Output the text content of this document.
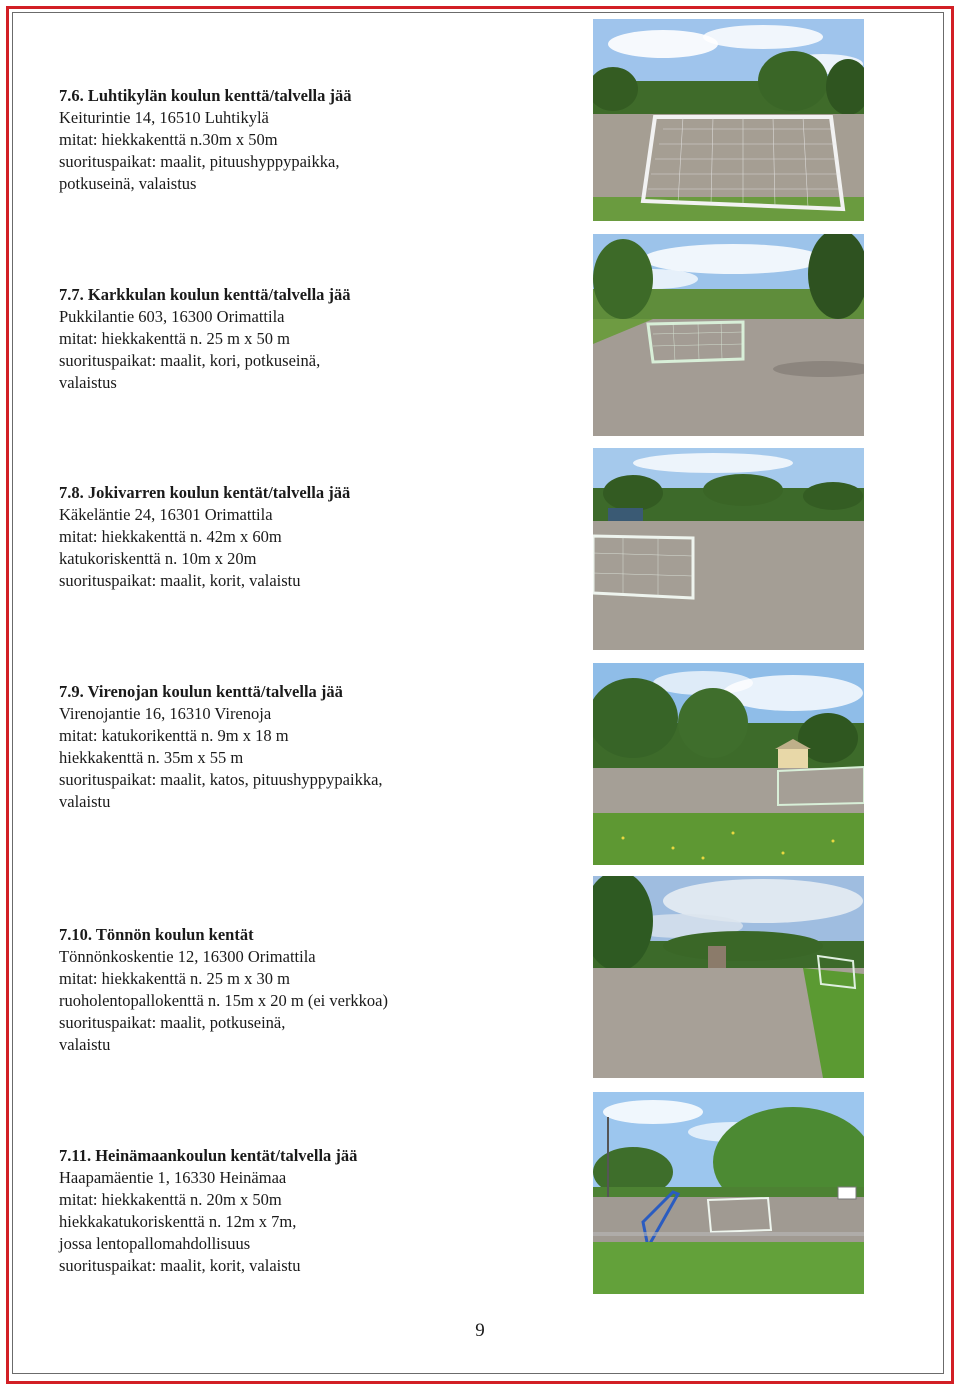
7.6. Luhtikylän koulun kenttä/talvella jää
Keiturintie 14, 16510 Luhtikylä
mitat: hiekkakenttä n.30m x 50m
suorituspaikat: maalit, pituushyppypaikka,
potkuseinä, valaistus
7.7. Karkkulan koulun kenttä/talvella jää
Pukkilantie 603, 16300 Orimattila
mitat: hiekkakenttä n. 25 m x 50 m
suorituspaikat: maalit, kori, potkuseinä,
valaistus
7.8. Jokivarren koulun kentät/talvella jää
Käkeläntie 24, 16301 Orimattila
mitat: hiekkakenttä n. 42m x 60m
katukoriskenttä n. 10m x 20m
suorituspaikat: maalit, korit, valaistu
7.9. Virenojan koulun kenttä/talvella jää
Virenojantie 16, 16310 Virenoja
mitat: katukorikenttä n. 9m x 18 m
hiekkakenttä n. 35m x 55 m
suorituspaikat: maalit, katos, pituushyppypaikka,
valaistu
7.10. Tönnön koulun kentät
Tönnönkoskentie 12, 16300 Orimattila
mitat: hiekkakenttä n. 25 m x 30 m
ruoholentopallokenttä n. 15m x 20 m (ei verkkoa)
suorituspaikat: maalit, potkuseinä,
valaistu
7.11. Heinämaankoulun kentät/talvella jää
Haapamäentie 1, 16330 Heinämaa
mitat: hiekkakenttä n. 20m x 50m
hiekkakatukoriskenttä n. 12m x 7m,
jossa lentopallomahdollisuus
suorituspaikat: maalit, korit, valaistu
9
